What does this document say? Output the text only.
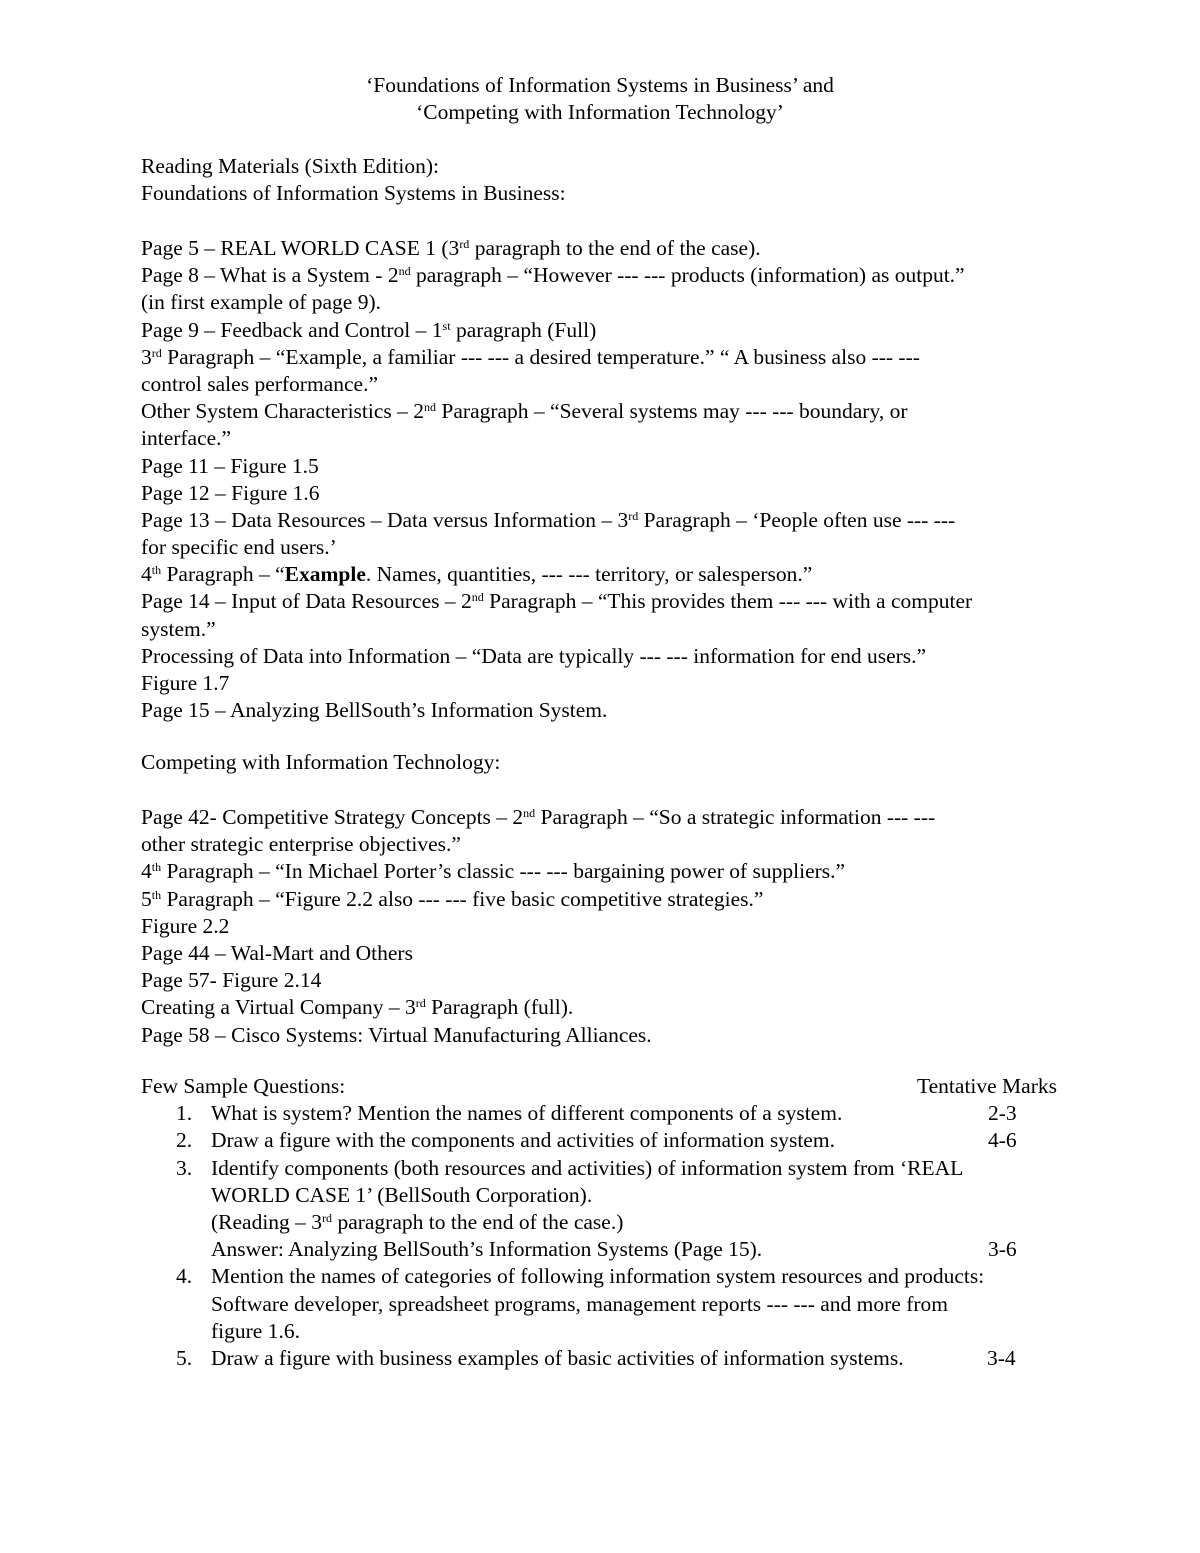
‘Foundations of Information Systems in Business’ and
‘Competing with Information Technology’
Reading Materials (Sixth Edition):
Foundations of Information Systems in Business:
Page 5 – REAL WORLD CASE 1 (3rd paragraph to the end of the case).
Page 8 – What is a System - 2nd paragraph – “However --- --- products (information) as output.”
(in first example of page 9).
Page 9 – Feedback and Control – 1st paragraph (Full)
3rd Paragraph – “Example, a familiar --- --- a desired temperature.” “ A business also --- ---
control sales performance.”
Other System Characteristics – 2nd Paragraph – “Several systems may --- --- boundary, or
interface.”
Page 11 – Figure 1.5
Page 12 – Figure 1.6
Page 13 – Data Resources – Data versus Information – 3rd Paragraph – ‘People often use --- ---
for specific end users.’
4th Paragraph – “Example. Names, quantities, --- --- territory, or salesperson.”
Page 14 – Input of Data Resources – 2nd Paragraph – “This provides them --- --- with a computer
system.”
Processing of Data into Information – “Data are typically --- --- information for end users.”
Figure 1.7
Page 15 – Analyzing BellSouth’s Information System.
Competing with Information Technology:
Page 42- Competitive Strategy Concepts – 2nd Paragraph – “So a strategic information --- ---
other strategic enterprise objectives.”
4th Paragraph – “In Michael Porter’s classic --- --- bargaining power of suppliers.”
5th Paragraph – “Figure 2.2 also --- --- five basic competitive strategies.”
Figure 2.2
Page 44 – Wal-Mart and Others
Page 57- Figure 2.14
Creating a Virtual Company – 3rd Paragraph (full).
Page 58 – Cisco Systems: Virtual Manufacturing Alliances.
Few Sample Questions:	Tentative Marks
1. What is system? Mention the names of different components of a system.	2-3
2. Draw a figure with the components and activities of information system.	4-6
3. Identify components (both resources and activities) of information system from ‘REAL
WORLD CASE 1’ (BellSouth Corporation).
(Reading – 3rd paragraph to the end of the case.)
Answer: Analyzing BellSouth’s Information Systems (Page 15).	3-6
4. Mention the names of categories of following information system resources and products:
Software developer, spreadsheet programs, management reports --- --- and more from
figure 1.6.
5. Draw a figure with business examples of basic activities of information systems.	3-4
